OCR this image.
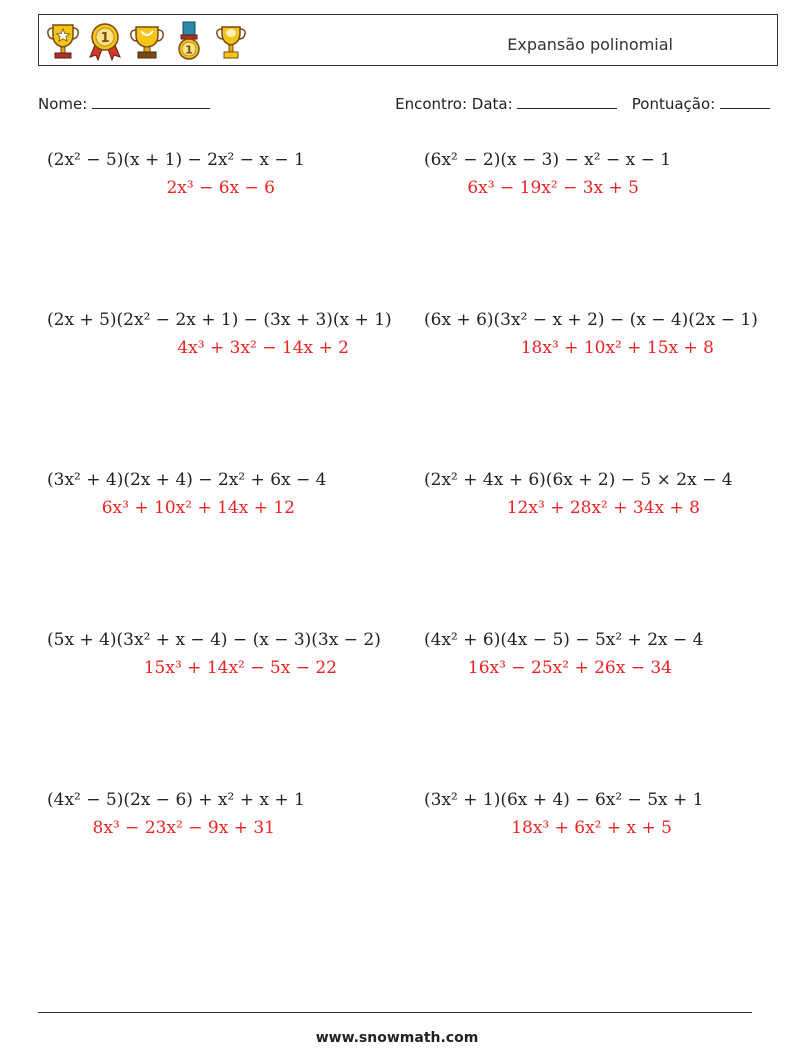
1
1	Expansão polinomial
Nome:	Encontro: Data:	Pontuação:
(2x² − 5)(x + 1) − 2x² − x − 1
2x³ − 6x − 6
(6x² − 2)(x − 3) − x² − x − 1
6x³ − 19x² − 3x + 5
(2x + 5)(2x² − 2x + 1) − (3x + 3)(x + 1)
4x³ + 3x² − 14x + 2
(6x + 6)(3x² − x + 2) − (x − 4)(2x − 1)
18x³ + 10x² + 15x + 8
(3x² + 4)(2x + 4) − 2x² + 6x − 4
6x³ + 10x² + 14x + 12
(2x² + 4x + 6)(6x + 2) − 5 × 2x − 4
12x³ + 28x² + 34x + 8
(5x + 4)(3x² + x − 4) − (x − 3)(3x − 2)
15x³ + 14x² − 5x − 22
(4x² + 6)(4x − 5) − 5x² + 2x − 4
16x³ − 25x² + 26x − 34
(4x² − 5)(2x − 6) + x² + x + 1
8x³ − 23x² − 9x + 31
(3x² + 1)(6x + 4) − 6x² − 5x + 1
18x³ + 6x² + x + 5
www.snowmath.com
